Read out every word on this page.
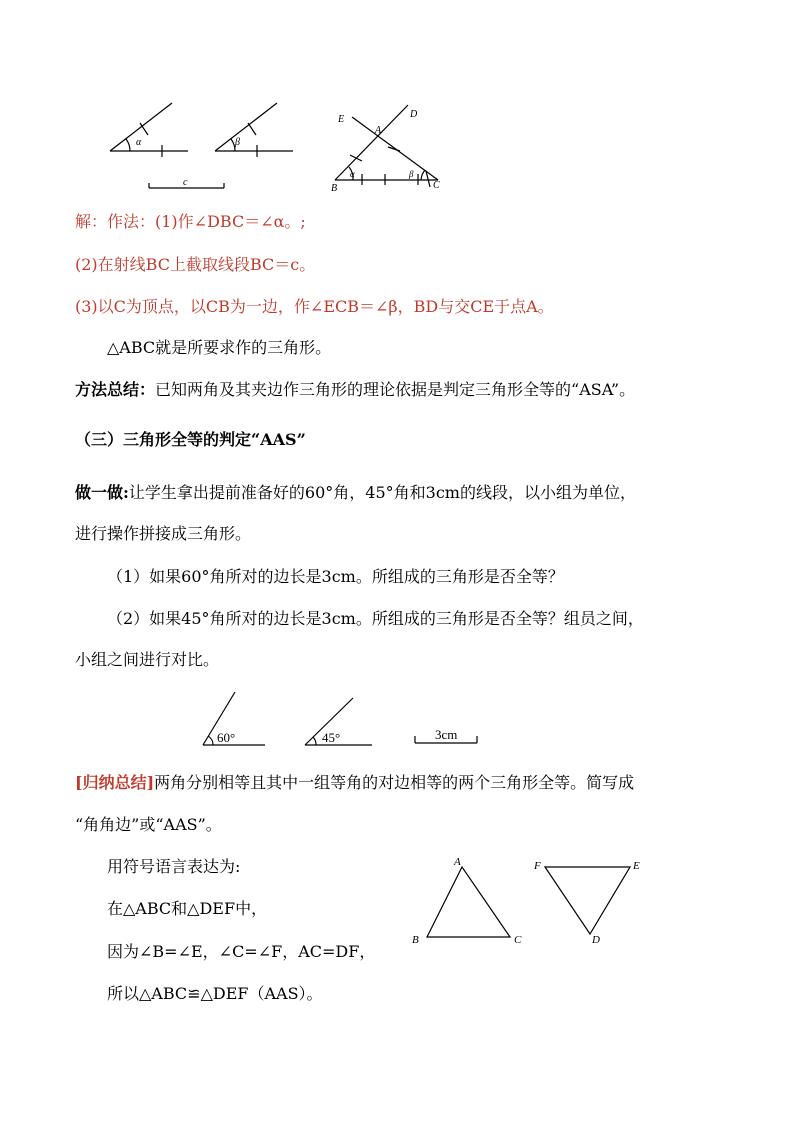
α	β
c
E	D
A
B	C
α	β
解：作法：(1)作∠DBC＝∠α。;
(2)在射线BC上截取线段BC＝c。
(3)以C为顶点，以CB为一边，作∠ECB＝∠β，BD与交CE于点A。
△ABC就是所要求作的三角形。
方法总结：已知两角及其夹边作三角形的理论依据是判定三角形全等的“ASA”。
（三）三角形全等的判定“AAS”
做一做:让学生拿出提前准备好的60°角，45°角和3cm的线段，以小组为单位，
进行操作拼接成三角形。
（1）如果60°角所对的边长是3cm。所组成的三角形是否全等？
（2）如果45°角所对的边长是3cm。所组成的三角形是否全等？组员之间，
小组之间进行对比。
60°	45°	3cm
[归纳总结]两角分别相等且其中一组等角的对边相等的两个三角形全等。简写成
“角角边”或“AAS”。
用符号语言表达为:
在△ABC和△DEF中，
因为∠B=∠E，∠C=∠F，AC=DF，
所以△ABC≌△DEF（AAS）。
A
B	C
F	E
D
